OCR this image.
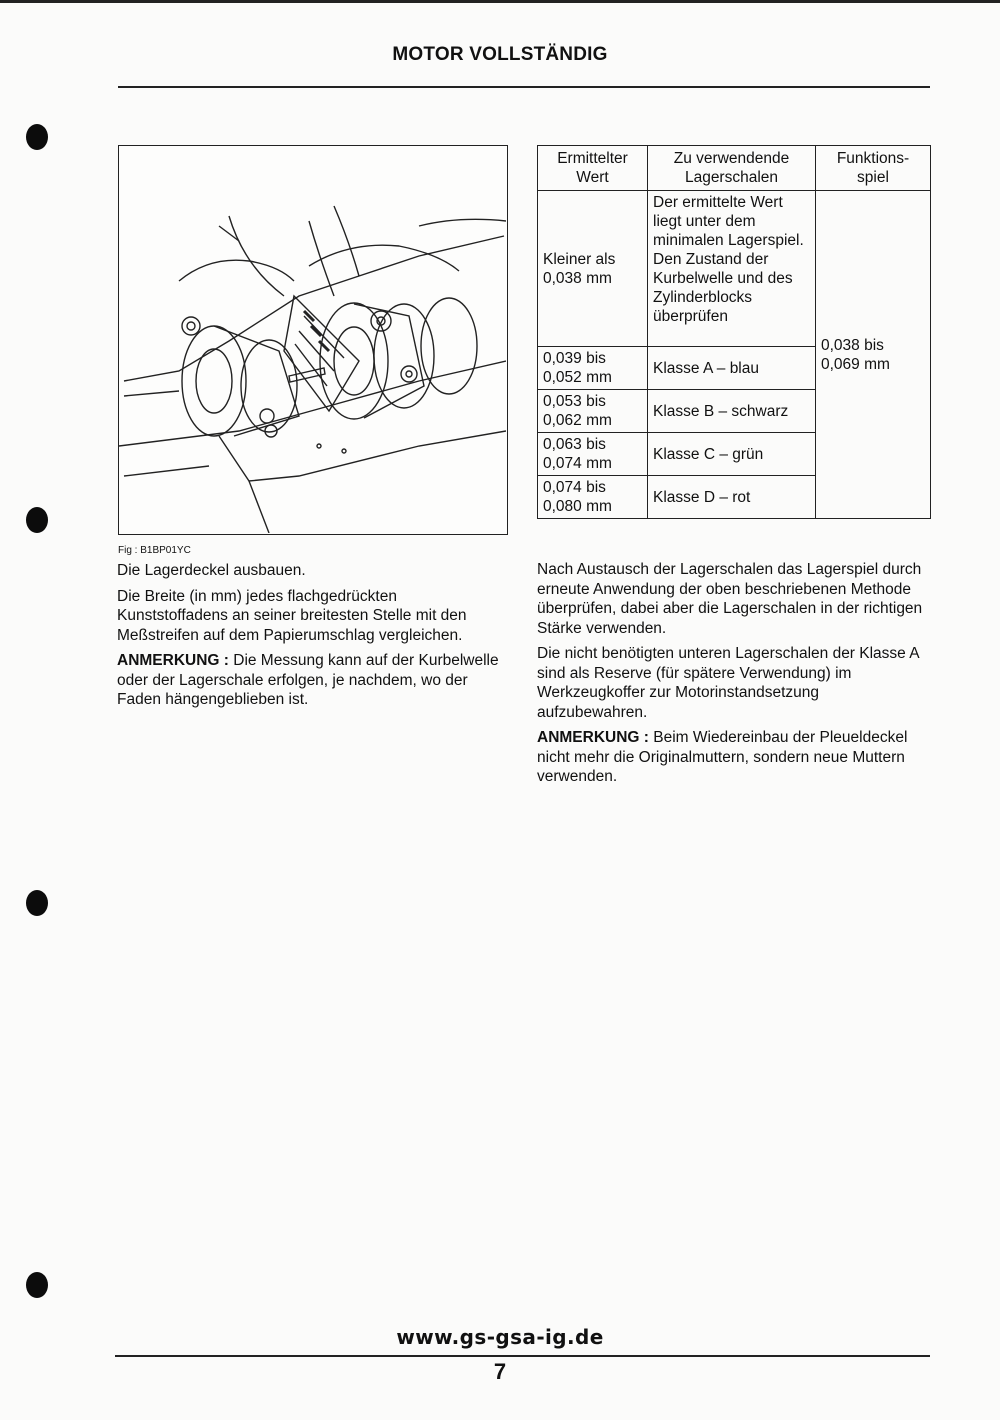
MOTOR VOLLSTÄNDIG
Fig : B1BP01YC

Die Lagerdeckel ausbauen.

Die Breite (in mm) jedes flachgedrückten Kunststoffadens an seiner breitesten Stelle mit den Meßstreifen auf dem Papierumschlag vergleichen.

ANMERKUNG : Die Messung kann auf der Kurbelwelle oder der Lagerschale erfolgen, je nachdem, wo der Faden hängengeblieben ist.

Ermittelter Wert	Zu verwendende Lagerschalen	Funktions-spiel
Kleiner als 0,038 mm	Der ermittelte Wert liegt unter dem minimalen Lagerspiel. Den Zustand der Kurbelwelle und des Zylinderblocks überprüfen	0,038 bis 0,069 mm
0,039 bis 0,052 mm	Klasse A – blau	
0,053 bis 0,062 mm	Klasse B – schwarz	
0,063 bis 0,074 mm	Klasse C – grün	
0,074 bis 0,080 mm	Klasse D – rot	

Nach Austausch der Lagerschalen das Lagerspiel durch erneute Anwendung der oben beschriebenen Methode überprüfen, dabei aber die Lagerschalen in der richtigen Stärke verwenden.

Die nicht benötigten unteren Lagerschalen der Klasse A sind als Reserve (für spätere Verwendung) im Werkzeugkoffer zur Motorinstandsetzung aufzubewahren.

ANMERKUNG : Beim Wiedereinbau der Pleueldeckel nicht mehr die Originalmuttern, sondern neue Muttern verwenden.

www.gs-gsa-ig.de
7
